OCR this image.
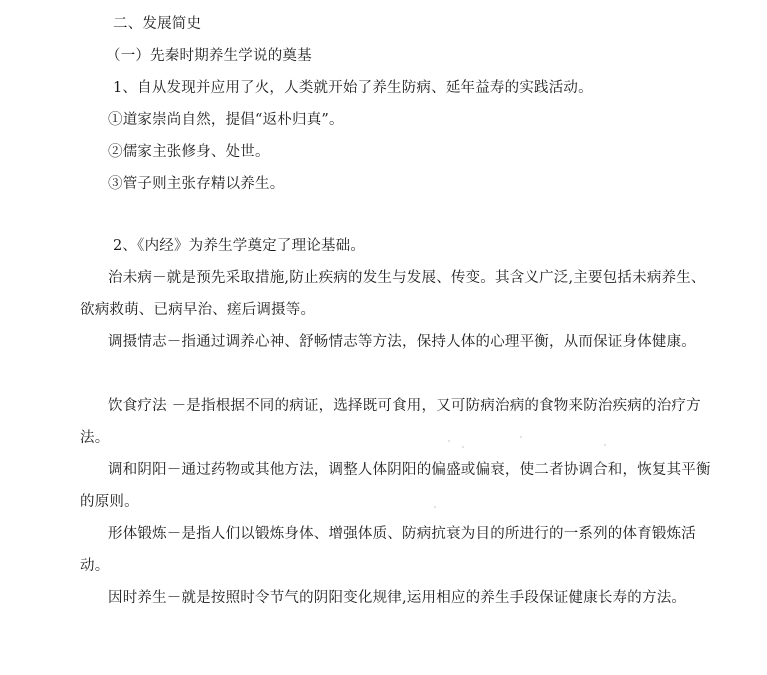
二、发展简史
（一）先秦时期养生学说的奠基
1、自从发现并应用了火，人类就开始了养生防病、延年益寿的实践活动。
①道家崇尚自然，提倡“返朴归真”。
②儒家主张修身、处世。
③管子则主张存精以养生。
2、《内经》为养生学奠定了理论基础。
治未病－就是预先采取措施,防止疾病的发生与发展、传变。其含义广泛,主要包括未病养生、欲病救萌、已病早治、瘥后调摄等。
调摄情志－指通过调养心神、舒畅情志等方法，保持人体的心理平衡，从而保证身体健康。
饮食疗法 －是指根据不同的病证，选择既可食用，又可防病治病的食物来防治疾病的治疗方法。
调和阴阳－通过药物或其他方法，调整人体阴阳的偏盛或偏衰，使二者协调合和，恢复其平衡的原则。
形体锻炼－是指人们以锻炼身体、增强体质、防病抗衰为目的所进行的一系列的体育锻炼活动。
因时养生－就是按照时令节气的阴阳变化规律,运用相应的养生手段保证健康长寿的方法。
